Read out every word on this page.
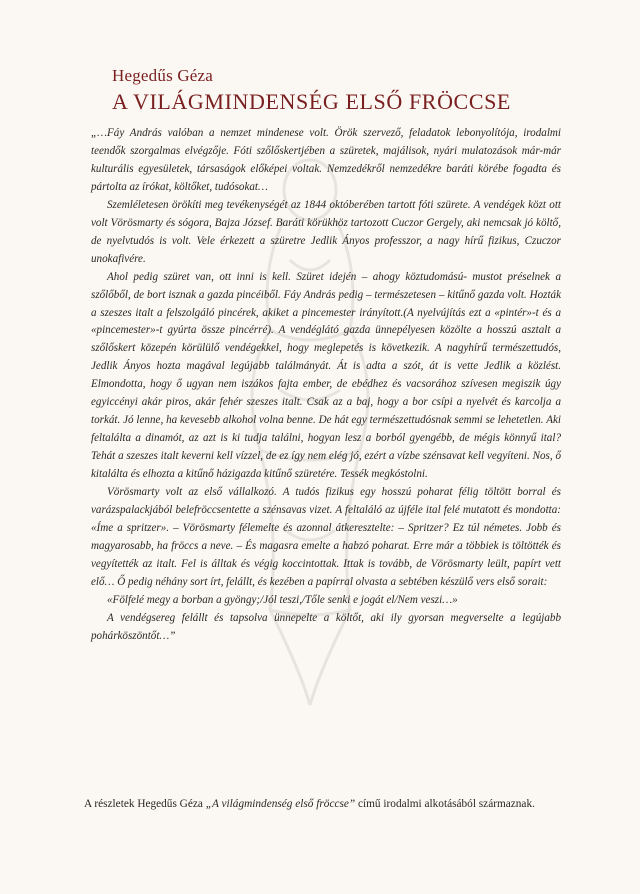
Hegedűs Géza
A VILÁGMINDENSÉG ELSŐ FRÖCCSE

„…Fáy András valóban a nemzet mindenese volt. Örök szervező, feladatok lebonyolítója, irodalmi teendők szorgalmas elvégzője. Fóti szőlőskertjében a szüretek, majálisok, nyári mulatozások már-már kulturális egyesületek, társaságok előképei voltak. Nemzedékről nemzedékre baráti körébe fogadta és pártolta az írókat, költőket, tudósokat…

Szemléletesen örökíti meg tevékenységét az 1844 októberében tartott fóti szürete. A vendégek közt ott volt Vörösmarty és sógora, Bajza József. Baráti körükhöz tartozott Cuczor Gergely, aki nemcsak jó költő, de nyelvtudós is volt. Vele érkezett a szüretre Jedlik Ányos professzor, a nagy hírű fizikus, Czuczor unokafivére.

Ahol pedig szüret van, ott inni is kell. Szüret idején – ahogy köztudomású- mustot préselnek a szőlőből, de bort isznak a gazda pincéiből. Fáy András pedig – természetesen – kitűnő gazda volt. Hozták a szeszes italt a felszolgáló pincérek, akiket a pincemester irányított.(A nyelvújítás ezt a «pintér»-t és a «pincemester»-t gyúrta össze pincérré). A vendéglátó gazda ünnepélyesen közölte a hosszú asztalt a szőlőskert közepén körülülő vendégekkel, hogy meglepetés is következik. A nagyhírű természettudós, Jedlik Ányos hozta magával legújabb találmányát. Át is adta a szót, át is vette Jedlik a közlést. Elmondotta, hogy ő ugyan nem iszákos fajta ember, de ebédhez és vacsorához szívesen megiszik úgy egyiccényi akár piros, akár fehér szeszes italt. Csak az a baj, hogy a bor csípi a nyelvét és karcolja a torkát. Jó lenne, ha kevesebb alkohol volna benne. De hát egy természettudósnak semmi se lehetetlen. Aki feltalálta a dinamót, az azt is ki tudja találni, hogyan lesz a borból gyengébb, de mégis könnyű ital? Tehát a szeszes italt keverni kell vízzel, de ez így nem elég jó, ezért a vízbe szénsavat kell vegyíteni. Nos, ő kitalálta és elhozta a kitűnő házigazda kitűnő szüretére. Tessék megkóstolni.

Vörösmarty volt az első vállalkozó. A tudós fizikus egy hosszú poharat félig töltött borral és varázspalackjából belefröccsentette a szénsavas vizet. A feltaláló az újféle ital felé mutatott és mondotta: «Íme a spritzer». – Vörösmarty félemelte és azonnal átkeresztelte: – Spritzer? Ez túl németes. Jobb és magyarosabb, ha fröccs a neve. – És magasra emelte a habzó poharat. Erre már a többiek is töltötték és vegyítették az italt. Fel is álltak és végig koccintottak. Ittak is tovább, de Vörösmarty leült, papírt vett elő… Ő pedig néhány sort írt, felállt, és kezében a papírral olvasta a sebtében készülő vers első sorait:

«Fölfelé megy a borban a gyöngy;/Jól teszi,/Tőle senki e jogát el/Nem veszi…»

A vendégsereg felállt és tapsolva ünnepelte a költőt, aki ily gyorsan megverselte a legújabb pohárköszöntőt…”

A részletek Hegedűs Géza „A világmindenség első fröccse” című irodalmi alkotásából származnak.
